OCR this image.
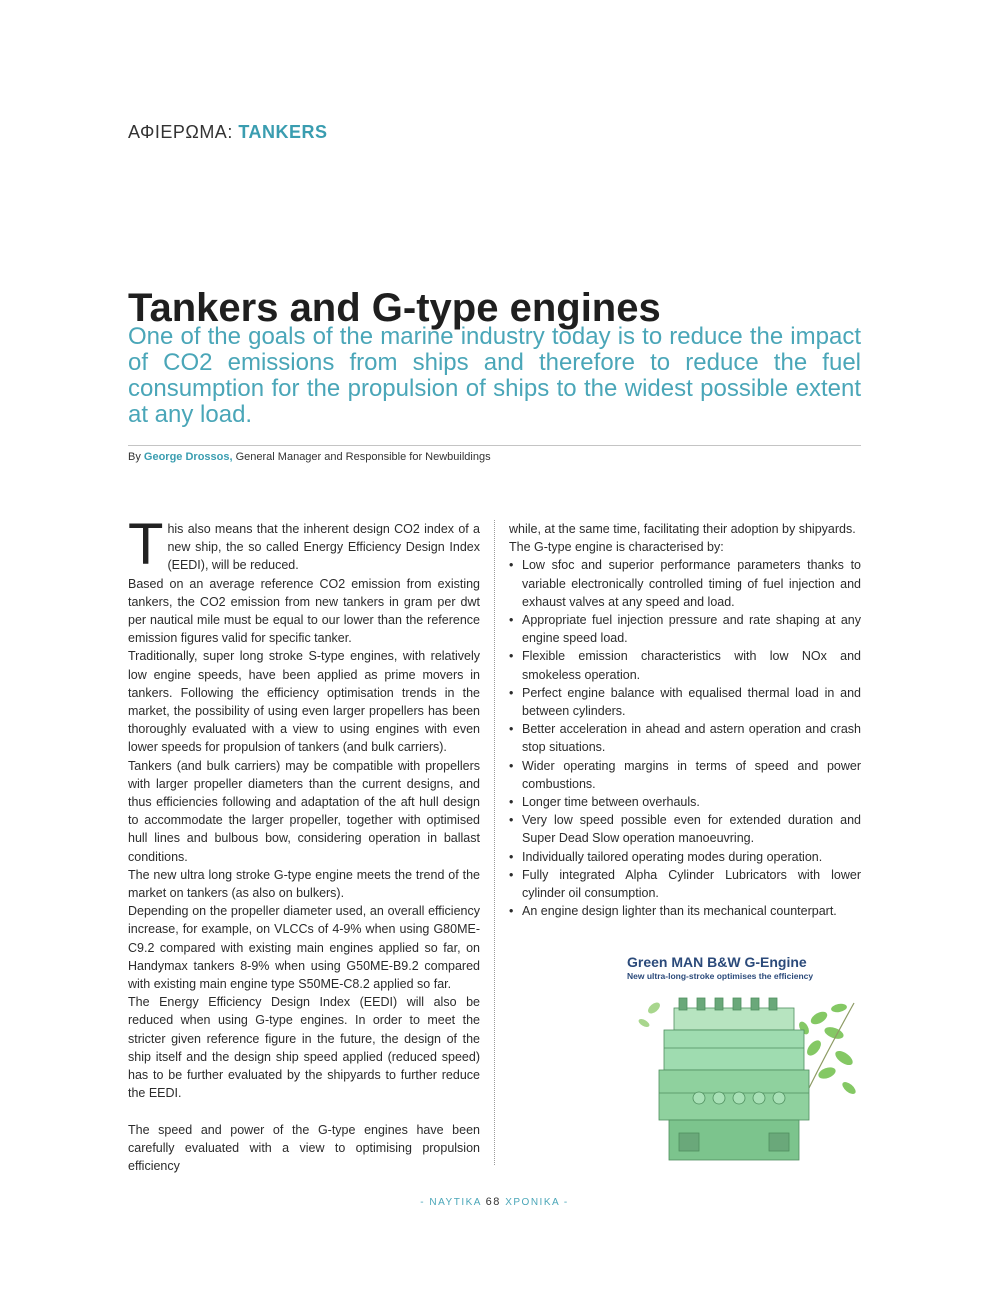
ΑΦΙΕΡΩΜΑ: TANKERS
Tankers and G-type engines

One of the goals of the marine industry today is to reduce the impact of CO2 emissions from ships and therefore to reduce the fuel consumption for the propulsion of ships to the widest possible extent at any load.

By George Drossos, General Manager and Responsible for Newbuildings
T his also means that the inherent design CO2 index of a new ship, the so called Energy Efficiency Design Index (EEDI), will be reduced.

Based on an average reference CO2 emission from existing tankers, the CO2 emission from new tankers in gram per dwt per nautical mile must be equal to our lower than the reference emission figures valid for specific tanker.

Traditionally, super long stroke S-type engines, with relatively low engine speeds, have been applied as prime movers in tankers. Following the efficiency optimisation trends in the market, the possibility of using even larger propellers has been thoroughly evaluated with a view to using engines with even lower speeds for propulsion of tankers (and bulk carriers).

Tankers (and bulk carriers) may be compatible with propellers with larger propeller diameters than the current designs, and thus efficiencies following and adaptation of the aft hull design to accommodate the larger propeller, together with optimised hull lines and bulbous bow, considering operation in ballast conditions.

The new ultra long stroke G-type engine meets the trend of the market on tankers (as also on bulkers).

Depending on the propeller diameter used, an overall efficiency increase, for example, on VLCCs of 4-9% when using G80ME-C9.2 compared with existing main engines applied so far, on Handymax tankers 8-9% when using G50ME-B9.2 compared with existing main engine type S50ME-C8.2 applied so far.

The Energy Efficiency Design Index (EEDI) will also be reduced when using G-type engines. In order to meet the stricter given reference figure in the future, the design of the ship itself and the design ship speed applied (reduced speed) has to be further evaluated by the shipyards to further reduce the EEDI.

The speed and power of the G-type engines have been carefully evaluated with a view to optimising propulsion efficiency

while, at the same time, facilitating their adoption by shipyards.

The G-type engine is characterised by:

• Low sfoc and superior performance parameters thanks to variable electronically controlled timing of fuel injection and exhaust valves at any speed and load.
• Appropriate fuel injection pressure and rate shaping at any engine speed load.
• Flexible emission characteristics with low NOx and smokeless operation.
• Perfect engine balance with equalised thermal load in and between cylinders.
• Better acceleration in ahead and astern operation and crash stop situations.
• Wider operating margins in terms of speed and power combustions.
• Longer time between overhauls.
• Very low speed possible even for extended duration and Super Dead Slow operation manoeuvring.
• Individually tailored operating modes during operation.
• Fully integrated Alpha Cylinder Lubricators with lower cylinder oil consumption.
• An engine design lighter than its mechanical counterpart.
Green MAN B&W G-Engine
New ultra-long-stroke optimises the efficiency
- ΝΑΥΤΙΚΑ 68 ΧΡΟΝΙΚΑ -
